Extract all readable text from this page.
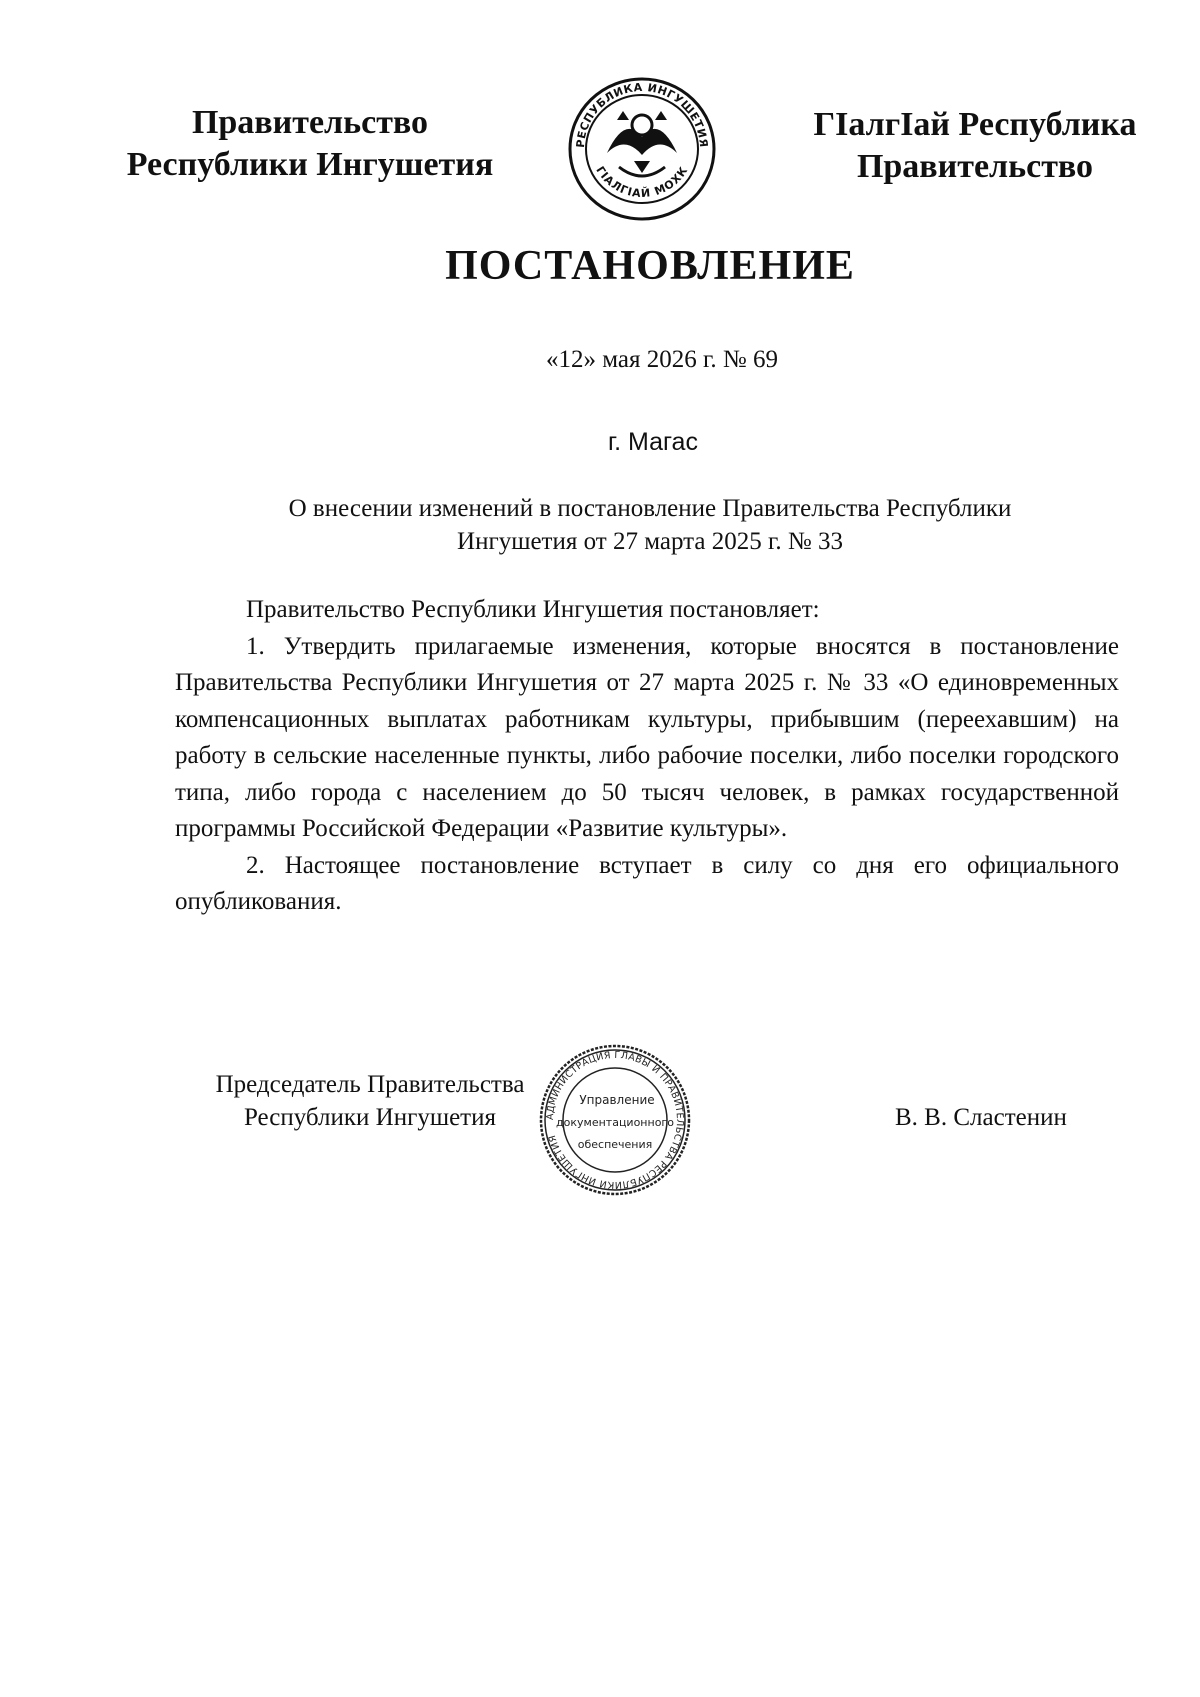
Правительство
Республики Ингушетия
РЕСПУБЛИКА ИНГУШЕТИЯ
ГIАЛГIАЙ МОХК
ГIалгIай Республика
Правительство
ПОСТАНОВЛЕНИЕ
«12» мая 2026 г. № 69
г. Магас
О внесении изменений в постановление Правительства Республики
Ингушетия от 27 марта 2025 г. № 33

Правительство Республики Ингушетия постановляет:

1. Утвердить прилагаемые изменения, которые вносятся в постановление Правительства Республики Ингушетия от 27 марта 2025 г. № 33 «О единовременных компенсационных выплатах работникам культуры, прибывшим (переехавшим) на работу в сельские населенные пункты, либо рабочие поселки, либо поселки городского типа, либо города с населением до 50 тысяч человек, в рамках государственной программы Российской Федерации «Развитие культуры».

2. Настоящее постановление вступает в силу со дня его официального опубликования.

Председатель Правительства
Республики Ингушетия	АДМИНИСТРАЦИЯ ГЛАВЫ И ПРАВИТЕЛЬСТВА РЕСПУБЛИКИ ИНГУШЕТИЯ
Управление
документационного
обеспечения
В. В. Сластенин
